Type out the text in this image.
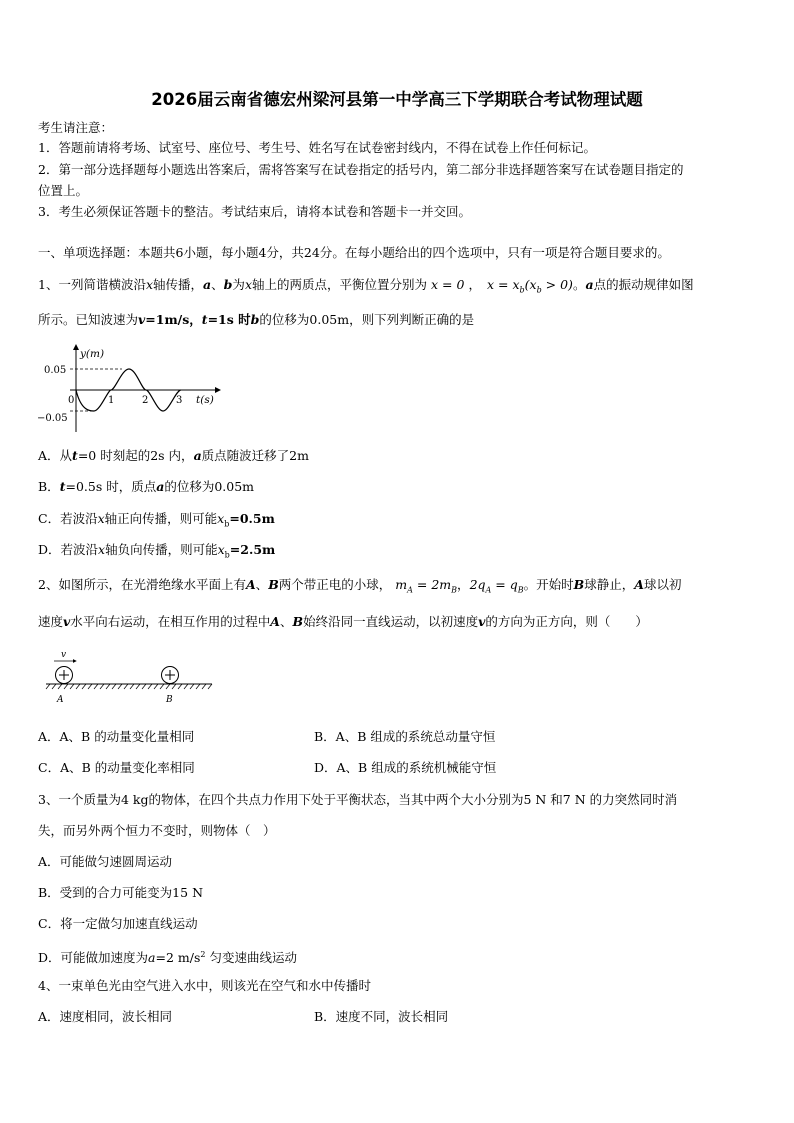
2026届云南省德宏州梁河县第一中学高三下学期联合考试物理试题
考生请注意：
1．答题前请将考场、试室号、座位号、考生号、姓名写在试卷密封线内，不得在试卷上作任何标记。
2．第一部分选择题每小题选出答案后，需将答案写在试卷指定的括号内，第二部分非选择题答案写在试卷题目指定的
位置上。
3．考生必须保证答题卡的整洁。考试结束后，请将本试卷和答题卡一并交回。
一、单项选择题：本题共6小题，每小题4分，共24分。在每小题给出的四个选项中，只有一项是符合题目要求的。
1、一列简谐横波沿x轴传播，a、b为x轴上的两质点，平衡位置分别为 x = 0 ， $x = x_b(x_b > 0)$。a点的振动规律如图
所示。已知波速为v=1m/s，t=1s 时b的位移为0.05m，则下列判断正确的是
y(m)
0.05
−0.05
0	1	2	3 t(s)
A．从t=0 时刻起的2s 内，a质点随波迁移了2m
B．t=0.5s 时，质点a的位移为0.05m
C．若波沿x轴正向传播，则可能$x_b=0.5m$
D．若波沿x轴负向传播，则可能$x_b=2.5m$
2、如图所示，在光滑绝缘水平面上有A、B两个带正电的小球， $m_A = 2m_B$，$2q_A = q_B$。开始时B球静止，A球以初
速度v水平向右运动，在相互作用的过程中A、B始终沿同一直线运动，以初速度v的方向为正方向，则（　　）
v
A	B
A．A、B 的动量变化量相同	B．A、B 组成的系统总动量守恒
C．A、B 的动量变化率相同	D．A、B 组成的系统机械能守恒
3、一个质量为4 kg的物体，在四个共点力作用下处于平衡状态，当其中两个大小分别为5 N 和7 N 的力突然同时消
失，而另外两个恒力不变时，则物体（　）
A．可能做匀速圆周运动
B．受到的合力可能变为15 N
C．将一定做匀加速直线运动
D．可能做加速度为a=2 $m/s^2$ 匀变速曲线运动
4、一束单色光由空气进入水中，则该光在空气和水中传播时
A．速度相同，波长相同	B．速度不同，波长相同
